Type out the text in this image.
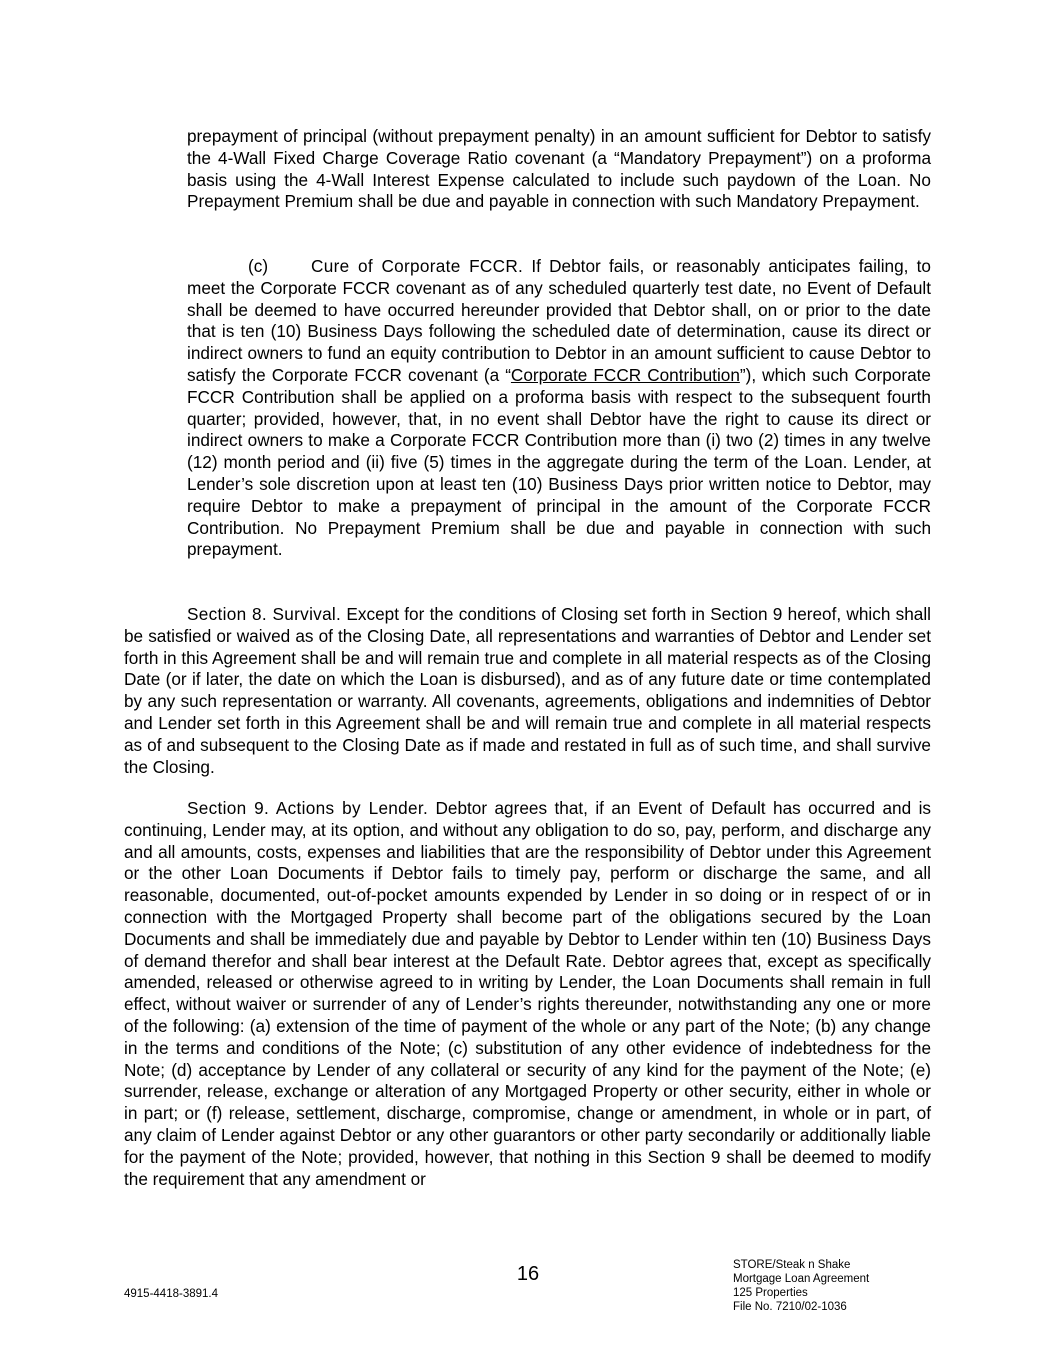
prepayment of principal (without prepayment penalty) in an amount sufficient for Debtor to satisfy the 4-Wall Fixed Charge Coverage Ratio covenant (a “Mandatory Prepayment”) on a proforma basis using the 4-Wall Interest Expense calculated to include such paydown of the Loan. No Prepayment Premium shall be due and payable in connection with such Mandatory Prepayment.

(c) Cure of Corporate FCCR. If Debtor fails, or reasonably anticipates failing, to meet the Corporate FCCR covenant as of any scheduled quarterly test date, no Event of Default shall be deemed to have occurred hereunder provided that Debtor shall, on or prior to the date that is ten (10) Business Days following the scheduled date of determination, cause its direct or indirect owners to fund an equity contribution to Debtor in an amount sufficient to cause Debtor to satisfy the Corporate FCCR covenant (a “Corporate FCCR Contribution”), which such Corporate FCCR Contribution shall be applied on a proforma basis with respect to the subsequent fourth quarter; provided, however, that, in no event shall Debtor have the right to cause its direct or indirect owners to make a Corporate FCCR Contribution more than (i) two (2) times in any twelve (12) month period and (ii) five (5) times in the aggregate during the term of the Loan. Lender, at Lender’s sole discretion upon at least ten (10) Business Days prior written notice to Debtor, may require Debtor to make a prepayment of principal in the amount of the Corporate FCCR Contribution. No Prepayment Premium shall be due and payable in connection with such prepayment.

Section 8. Survival. Except for the conditions of Closing set forth in Section 9 hereof, which shall be satisfied or waived as of the Closing Date, all representations and warranties of Debtor and Lender set forth in this Agreement shall be and will remain true and complete in all material respects as of the Closing Date (or if later, the date on which the Loan is disbursed), and as of any future date or time contemplated by any such representation or warranty. All covenants, agreements, obligations and indemnities of Debtor and Lender set forth in this Agreement shall be and will remain true and complete in all material respects as of and subsequent to the Closing Date as if made and restated in full as of such time, and shall survive the Closing.

Section 9. Actions by Lender. Debtor agrees that, if an Event of Default has occurred and is continuing, Lender may, at its option, and without any obligation to do so, pay, perform, and discharge any and all amounts, costs, expenses and liabilities that are the responsibility of Debtor under this Agreement or the other Loan Documents if Debtor fails to timely pay, perform or discharge the same, and all reasonable, documented, out-of-pocket amounts expended by Lender in so doing or in respect of or in connection with the Mortgaged Property shall become part of the obligations secured by the Loan Documents and shall be immediately due and payable by Debtor to Lender within ten (10) Business Days of demand therefor and shall bear interest at the Default Rate. Debtor agrees that, except as specifically amended, released or otherwise agreed to in writing by Lender, the Loan Documents shall remain in full effect, without waiver or surrender of any of Lender’s rights thereunder, notwithstanding any one or more of the following: (a) extension of the time of payment of the whole or any part of the Note; (b) any change in the terms and conditions of the Note; (c) substitution of any other evidence of indebtedness for the Note; (d) acceptance by Lender of any collateral or security of any kind for the payment of the Note; (e) surrender, release, exchange or alteration of any Mortgaged Property or other security, either in whole or in part; or (f) release, settlement, discharge, compromise, change or amendment, in whole or in part, of any claim of Lender against Debtor or any other guarantors or other party secondarily or additionally liable for the payment of the Note; provided, however, that nothing in this Section 9 shall be deemed to modify the requirement that any amendment or

16
4915-4418-3891.4
STORE/Steak n Shake
Mortgage Loan Agreement
125 Properties
File No. 7210/02-1036
